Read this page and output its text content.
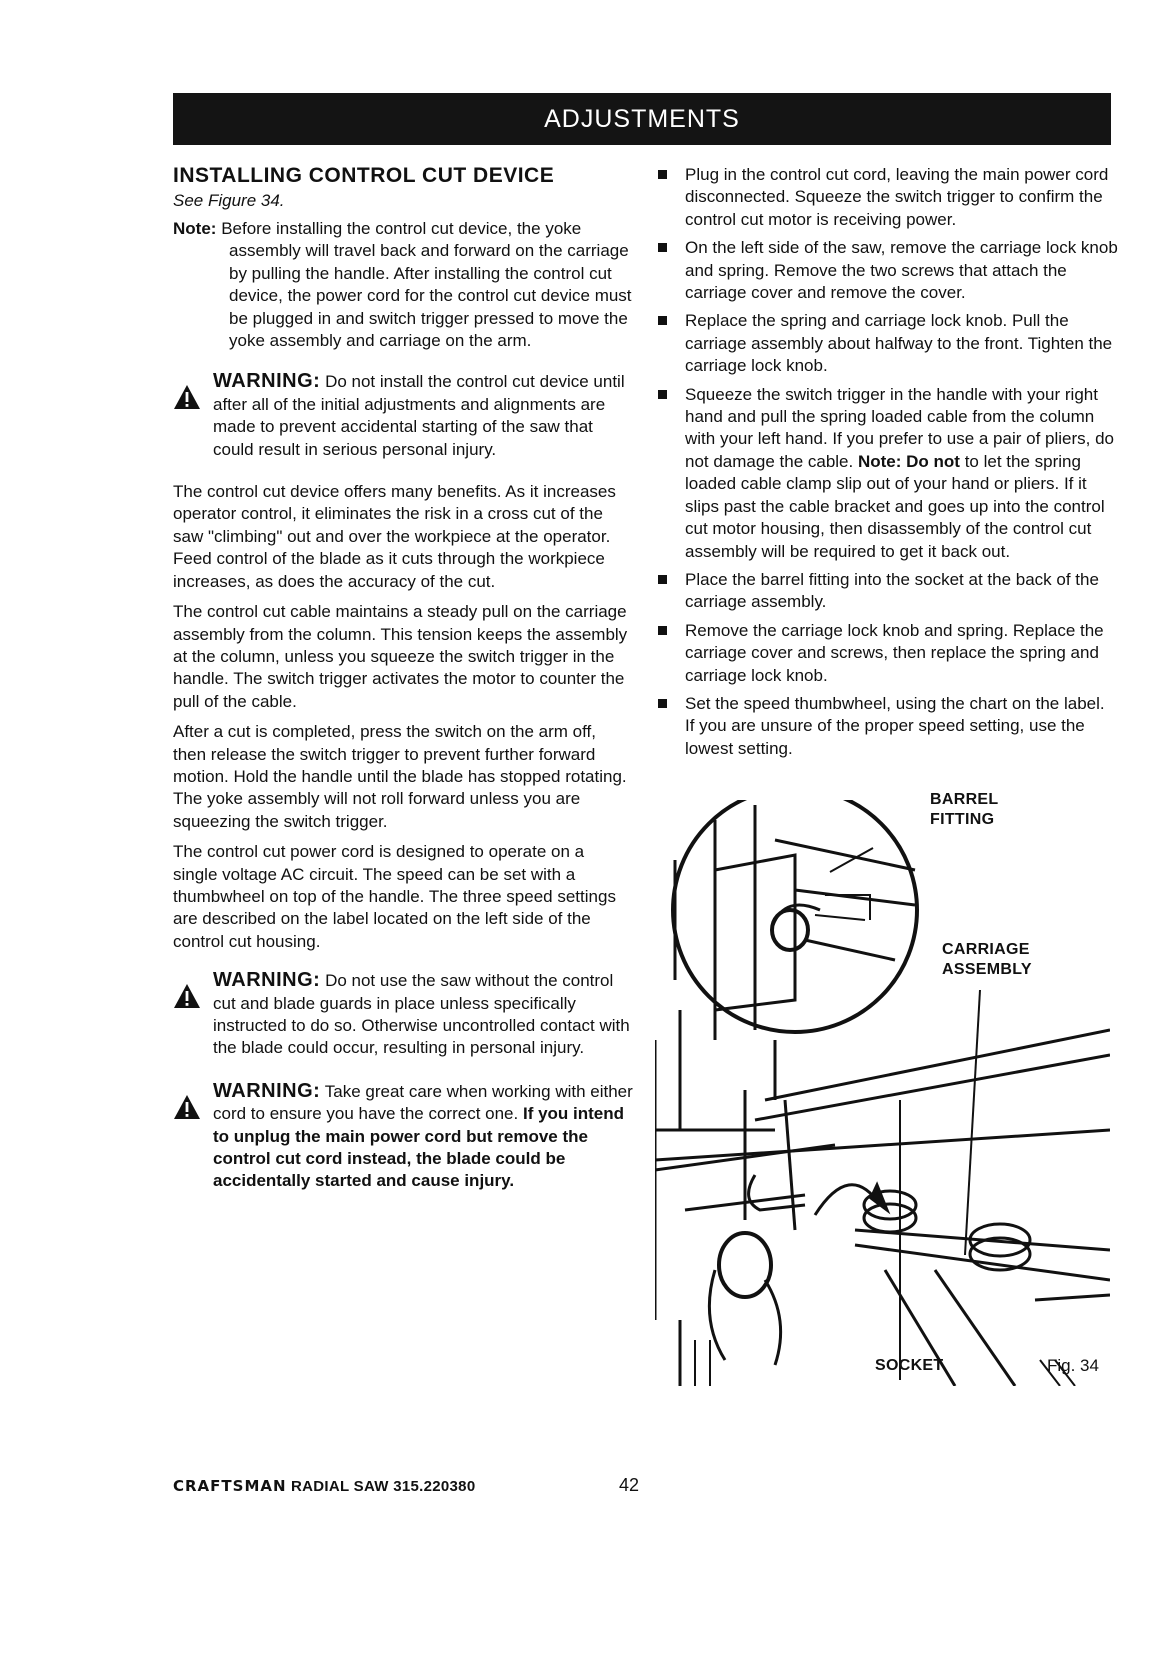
ADJUSTMENTS
INSTALLING CONTROL CUT DEVICE
See Figure 34.
Note: Before installing the control cut device, the yoke
assembly will travel back and forward on the carriage by pulling the handle. After installing the control cut device, the power cord for the control cut device must be plugged in and switch trigger pressed to move the yoke assembly and carriage on the arm.
WARNING: Do not install the control cut device until after all of the initial adjustments and alignments are made to prevent accidental starting of the saw that could result in serious personal injury.

The control cut device offers many benefits. As it increases operator control, it eliminates the risk in a cross cut of the saw "climbing" out and over the workpiece at the operator. Feed control of the blade as it cuts through the workpiece increases, as does the accuracy of the cut.

The control cut cable maintains a steady pull on the carriage assembly from the column. This tension keeps the assembly at the column, unless you squeeze the switch trigger in the handle. The switch trigger activates the motor to counter the pull of the cable.

After a cut is completed, press the switch on the arm off, then release the switch trigger to prevent further forward motion. Hold the handle until the blade has stopped rotating. The yoke assembly will not roll forward unless you are squeezing the switch trigger.

The control cut power cord is designed to operate on a single voltage AC circuit. The speed can be set with a thumbwheel on top of the handle. The three speed settings are described on the label located on the left side of the control cut housing.

WARNING: Do not use the saw without the control cut and blade guards in place unless specifically instructed to do so. Otherwise uncontrolled contact with the blade could occur, resulting in personal injury.
WARNING: Take great care when working with either cord to ensure you have the correct one. If you intend to unplug the main power cord but remove the control cut cord instead, the blade could be accidentally started and cause injury.
Plug in the control cut cord, leaving the main power cord disconnected. Squeeze the switch trigger to confirm the control cut motor is receiving power.
On the left side of the saw, remove the carriage lock knob and spring. Remove the two screws that attach the carriage cover and remove the cover.
Replace the spring and carriage lock knob. Pull the carriage assembly about halfway to the front. Tighten the carriage lock knob.
Squeeze the switch trigger in the handle with your right hand and pull the spring loaded cable from the column with your left hand. If you prefer to use a pair of pliers, do not damage the cable. Note: Do not to let the spring loaded cable clamp slip out of your hand or pliers. If it slips past the cable bracket and goes up into the control cut motor housing, then disassembly of the control cut assembly will be required to get it back out.
Place the barrel fitting into the socket at the back of the carriage assembly.
Remove the carriage lock knob and spring. Replace the carriage cover and screws, then replace the spring and carriage lock knob.
Set the speed thumbwheel, using the chart on the label. If you are unsure of the proper speed setting, use the lowest setting.
BARREL
FITTING
CARRIAGE
ASSEMBLY
SOCKET	Fig. 34
CRAFTSMAN RADIAL SAW 315.220380	42
